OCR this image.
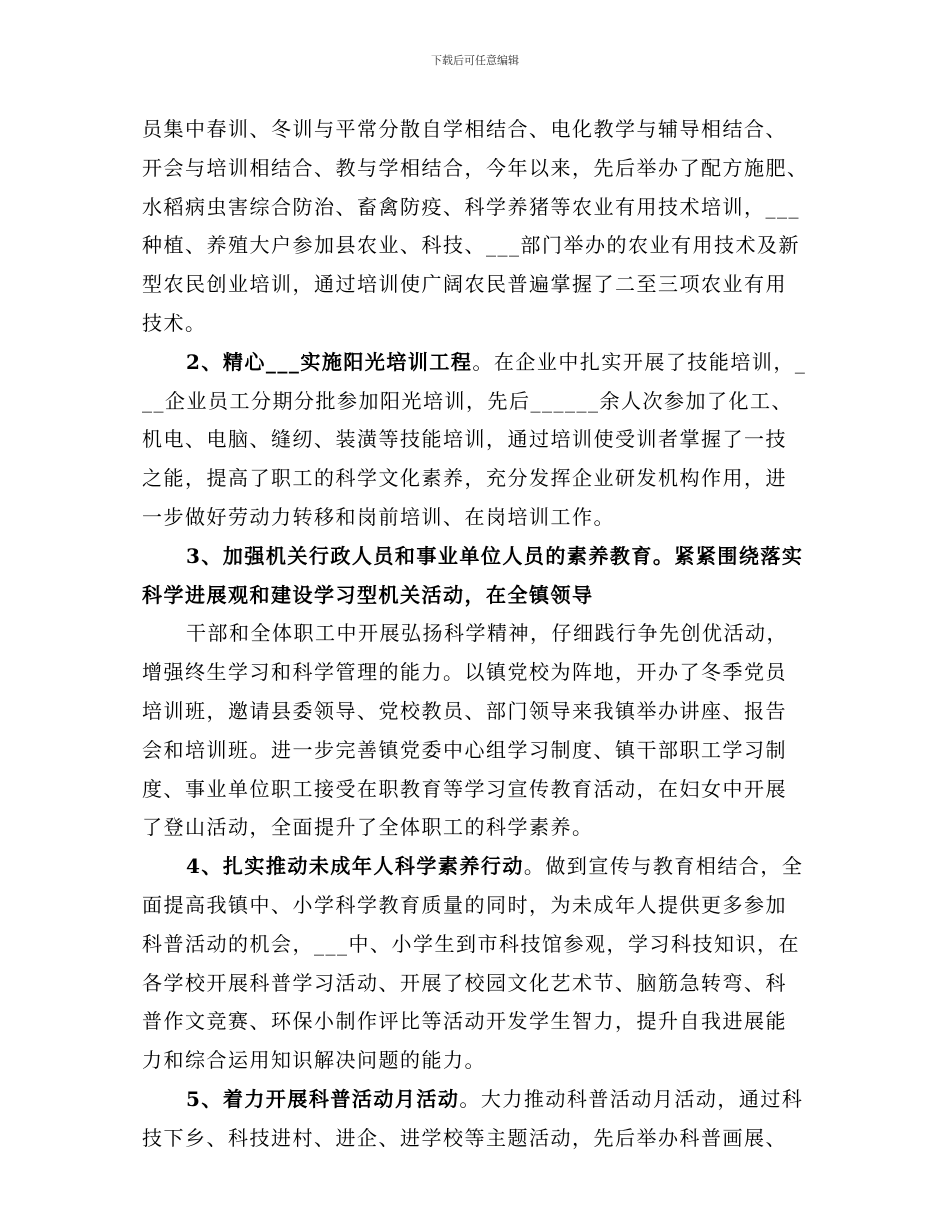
下载后可任意编辑
员集中春训、冬训与平常分散自学相结合、电化教学与辅导相结合、
开会与培训相结合、教与学相结合，今年以来，先后举办了配方施肥、
水稻病虫害综合防治、畜禽防疫、科学养猪等农业有用技术培训，___
种植、养殖大户参加县农业、科技、___部门举办的农业有用技术及新
型农民创业培训，通过培训使广阔农民普遍掌握了二至三项农业有用
技术。
2、精心___实施阳光培训工程。在企业中扎实开展了技能培训，_
__企业员工分期分批参加阳光培训，先后______余人次参加了化工、
机电、电脑、缝纫、装潢等技能培训，通过培训使受训者掌握了一技
之能，提高了职工的科学文化素养，充分发挥企业研发机构作用，进
一步做好劳动力转移和岗前培训、在岗培训工作。
3、加强机关行政人员和事业单位人员的素养教育。紧紧围绕落实
科学进展观和建设学习型机关活动，在全镇领导
干部和全体职工中开展弘扬科学精神，仔细践行争先创优活动，
增强终生学习和科学管理的能力。以镇党校为阵地，开办了冬季党员
培训班，邀请县委领导、党校教员、部门领导来我镇举办讲座、报告
会和培训班。进一步完善镇党委中心组学习制度、镇干部职工学习制
度、事业单位职工接受在职教育等学习宣传教育活动，在妇女中开展
了登山活动，全面提升了全体职工的科学素养。
4、扎实推动未成年人科学素养行动。做到宣传与教育相结合，全
面提高我镇中、小学科学教育质量的同时，为未成年人提供更多参加
科普活动的机会，___中、小学生到市科技馆参观，学习科技知识，在
各学校开展科普学习活动、开展了校园文化艺术节、脑筋急转弯、科
普作文竞赛、环保小制作评比等活动开发学生智力，提升自我进展能
力和综合运用知识解决问题的能力。
5、着力开展科普活动月活动。大力推动科普活动月活动，通过科
技下乡、科技进村、进企、进学校等主题活动，先后举办科普画展、
